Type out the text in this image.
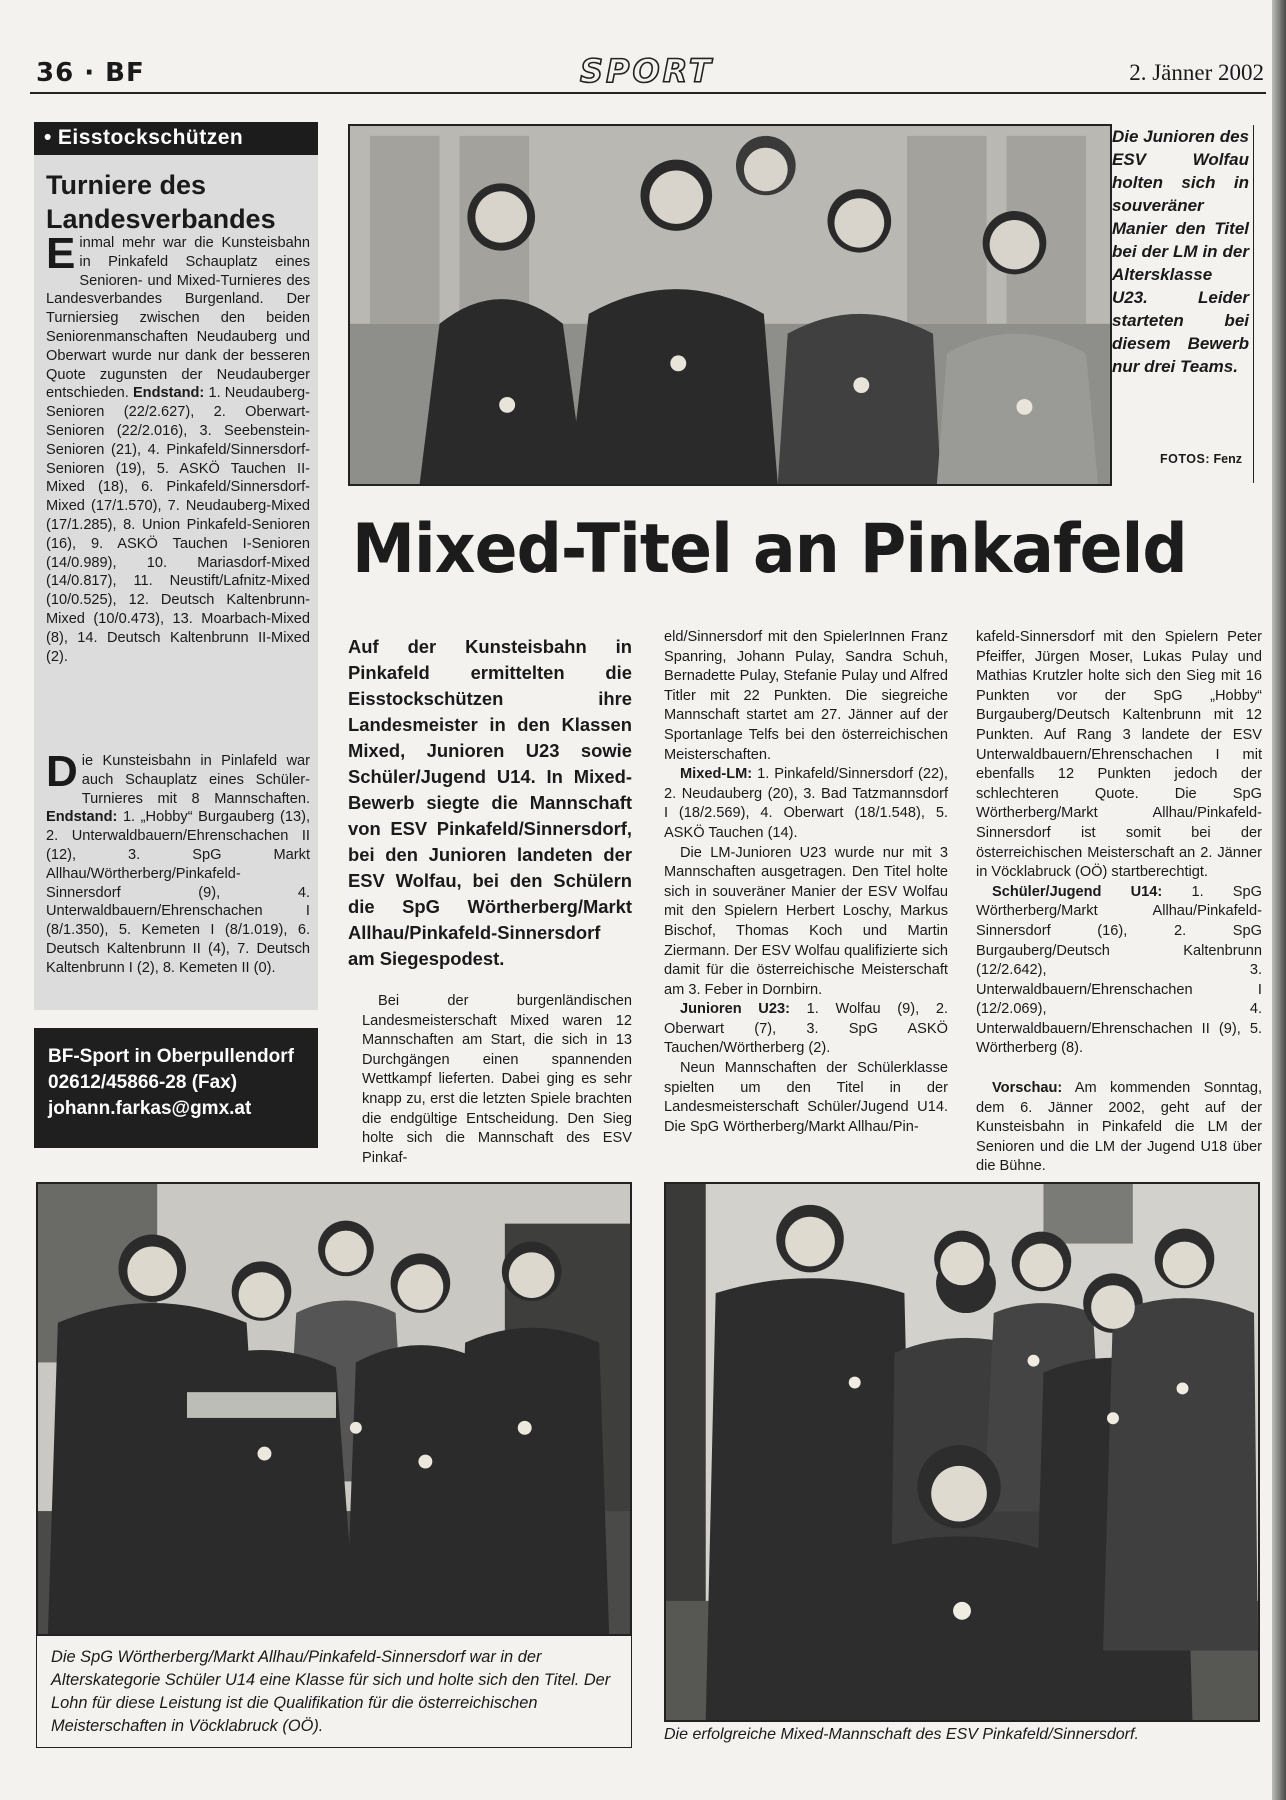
36 · BF	SPORT	2. Jänner 2002
• Eisstockschützen
Turniere des Landesverbandes
Einmal mehr war die Kunsteisbahn in Pinkafeld Schauplatz eines Senioren- und Mixed-Turnieres des Landesverbandes Burgenland. Der Turniersieg zwischen den beiden Seniorenmanschaften Neudauberg und Oberwart wurde nur dank der besseren Quote zugunsten der Neudauberger entschieden. Endstand: 1. Neudauberg-Senioren (22/2.627), 2. Oberwart-Senioren (22/2.016), 3. Seebenstein-Senioren (21), 4. Pinkafeld/Sinnersdorf-Senioren (19), 5. ASKÖ Tauchen II-Mixed (18), 6. Pinkafeld/Sinnersdorf-Mixed (17/1.570), 7. Neudauberg-Mixed (17/1.285), 8. Union Pinkafeld-Senioren (16), 9. ASKÖ Tauchen I-Senioren (14/0.989), 10. Mariasdorf-Mixed (14/0.817), 11. Neustift/Lafnitz-Mixed (10/0.525), 12. Deutsch Kaltenbrunn-Mixed (10/0.473), 13. Moarbach-Mixed (8), 14. Deutsch Kaltenbrunn II-Mixed (2).
Die Kunsteisbahn in Pinlafeld war auch Schauplatz eines Schüler-Turnieres mit 8 Mannschaften. Endstand: 1. „Hobby“ Burgauberg (13), 2. Unterwaldbauern/Ehrenschachen II (12), 3. SpG Markt Allhau/Wörtherberg/Pinkafeld-Sinnersdorf (9), 4. Unterwaldbauern/Ehrenschachen I (8/1.350), 5. Kemeten I (8/1.019), 6. Deutsch Kaltenbrunn II (4), 7. Deutsch Kaltenbrunn I (2), 8. Kemeten II (0).
BF-Sport in Oberpullendorf
02612/45866-28 (Fax)
johann.farkas@gmx.at
Die Junioren des ESV Wolfau holten sich in souveräner Manier den Titel bei der LM in der Altersklasse U23. Leider starteten bei diesem Bewerb nur drei Teams.
FOTOS: Fenz
Mixed-Titel an Pinkafeld
Auf der Kunsteisbahn in Pinkafeld ermittelten die Eisstockschützen ihre Landesmeister in den Klassen Mixed, Junioren U23 sowie Schüler/Jugend U14. In Mixed-Bewerb siegte die Mannschaft von ESV Pinkafeld/Sinnersdorf, bei den Junioren landeten der ESV Wolfau, bei den Schülern die SpG Wörtherberg/Markt Allhau/Pinkafeld-Sinnersdorf am Siegespodest.

Bei der burgenländischen Landesmeisterschaft Mixed waren 12 Mannschaften am Start, die sich in 13 Durchgängen einen spannenden Wettkampf lieferten. Dabei ging es sehr knapp zu, erst die letzten Spiele brachten die endgültige Entscheidung. Den Sieg holte sich die Mannschaft des ESV Pinkaf-

eld/Sinnersdorf mit den SpielerInnen Franz Spanring, Johann Pulay, Sandra Schuh, Bernadette Pulay, Stefanie Pulay und Alfred Titler mit 22 Punkten. Die siegreiche Mannschaft startet am 27. Jänner auf der Sportanlage Telfs bei den österreichischen Meisterschaften.

Mixed-LM: 1. Pinkafeld/Sinnersdorf (22), 2. Neudauberg (20), 3. Bad Tatzmannsdorf I (18/2.569), 4. Oberwart (18/1.548), 5. ASKÖ Tauchen (14).

Die LM-Junioren U23 wurde nur mit 3 Mannschaften ausgetragen. Den Titel holte sich in souveräner Manier der ESV Wolfau mit den Spielern Herbert Loschy, Markus Bischof, Thomas Koch und Martin Ziermann. Der ESV Wolfau qualifizierte sich damit für die österreichische Meisterschaft am 3. Feber in Dornbirn.

Junioren U23: 1. Wolfau (9), 2. Oberwart (7), 3. SpG ASKÖ Tauchen/Wörtherberg (2).

Neun Mannschaften der Schülerklasse spielten um den Titel in der Landesmeisterschaft Schüler/Jugend U14. Die SpG Wörtherberg/Markt Allhau/Pin-

kafeld-Sinnersdorf mit den Spielern Peter Pfeiffer, Jürgen Moser, Lukas Pulay und Mathias Krutzler holte sich den Sieg mit 16 Punkten vor der SpG „Hobby“ Burgauberg/Deutsch Kaltenbrunn mit 12 Punkten. Auf Rang 3 landete der ESV Unterwaldbauern/Ehrenschachen I mit ebenfalls 12 Punkten jedoch der schlechteren Quote. Die SpG Wörtherberg/Markt Allhau/Pinkafeld-Sinnersdorf ist somit bei der österreichischen Meisterschaft an 2. Jänner in Vöcklabruck (OÖ) startberechtigt.

Schüler/Jugend U14: 1. SpG Wörtherberg/Markt Allhau/Pinkafeld-Sinnersdorf (16), 2. SpG Burgauberg/Deutsch Kaltenbrunn (12/2.642), 3. Unterwaldbauern/Ehrenschachen I (12/2.069), 4. Unterwaldbauern/Ehrenschachen II (9), 5. Wörtherberg (8).

Vorschau: Am kommenden Sonntag, dem 6. Jänner 2002, geht auf der Kunsteisbahn in Pinkafeld die LM der Senioren und die LM der Jugend U18 über die Bühne.

Die SpG Wörtherberg/Markt Allhau/Pinkafeld-Sinnersdorf war in der Alterskategorie Schüler U14 eine Klasse für sich und holte sich den Titel. Der Lohn für diese Leistung ist die Qualifikation für die österreichischen Meisterschaften in Vöcklabruck (OÖ).	Die erfolgreiche Mixed-Mannschaft des ESV Pinkafeld/Sinnersdorf.
